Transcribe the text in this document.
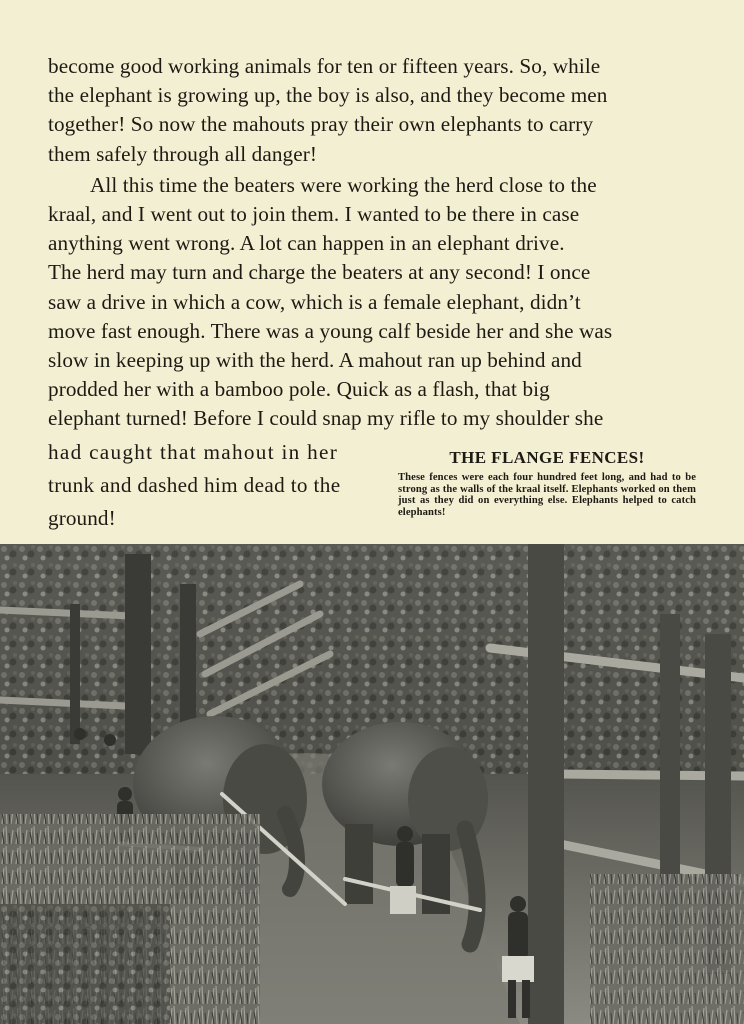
become good working animals for ten or fifteen years. So, while
the elephant is growing up, the boy is also, and they become men
together! So now the mahouts pray their own elephants to carry
them safely through all danger!

All this time the beaters were working the herd close to the
kraal, and I went out to join them. I wanted to be there in case
anything went wrong. A lot can happen in an elephant drive.
The herd may turn and charge the beaters at any second! I once
saw a drive in which a cow, which is a female elephant, didn’t
move fast enough. There was a young calf beside her and she was
slow in keeping up with the herd. A mahout ran up behind and
prodded her with a bamboo pole. Quick as a flash, that big
elephant turned! Before I could snap my rifle to my shoulder she

had caught that mahout in her
trunk and dashed him dead to the
ground!
THE FLANGE FENCES!
These fences were each four hundred feet long, and had to be strong as the walls of the kraal itself. Elephants worked on them just as they did on everything else. Elephants helped to catch elephants!
